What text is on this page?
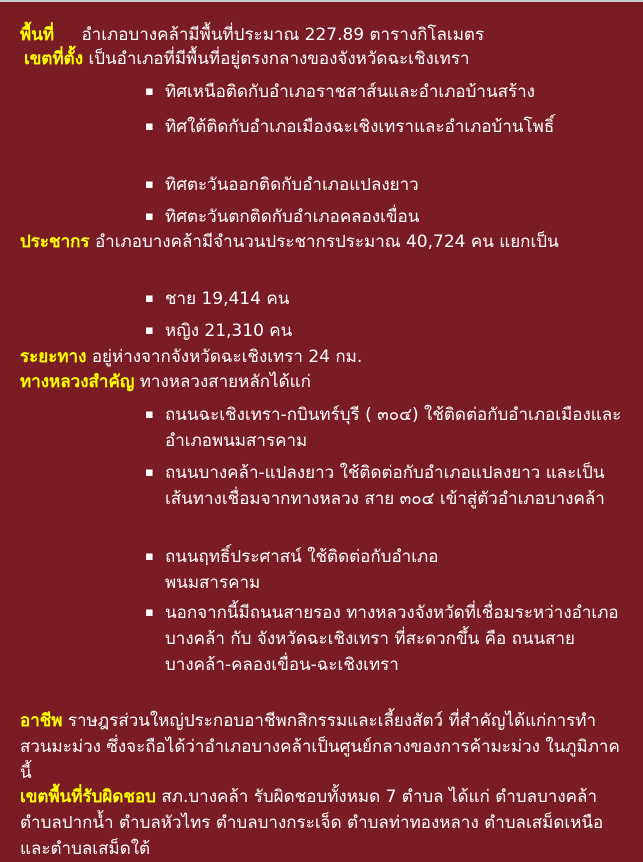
พื้นที่ อำเภอบางคล้ามีพื้นที่ประมาณ 227.89 ตารางกิโลเมตร
เขตที่ตั้ง เป็นอำเภอที่มีพื้นที่อยู่ตรงกลางของจังหวัดฉะเชิงเทรา
▪ ทิศเหนือติดกับอำเภอราชสาส์นและอำเภอบ้านสร้าง
▪ ทิศใต้ติดกับอำเภอเมืองฉะเชิงเทราและอำเภอบ้านโพธิ์
▪ ทิศตะวันออกติดกับอำเภอแปลงยาว
▪ ทิศตะวันตกติดกับอำเภอคลองเขื่อน
ประชากร อำเภอบางคล้ามีจำนวนประชากรประมาณ 40,724 คน แยกเป็น
▪ ชาย 19,414 คน
▪ หญิง 21,310 คน
ระยะทาง อยู่ห่างจากจังหวัดฉะเชิงเทรา 24 กม.
ทางหลวงสำคัญ ทางหลวงสายหลักได้แก่
▪ ถนนฉะเชิงเทรา-กบินทร์บุรี ( ๓๐๔) ใช้ติดต่อกับอำเภอเมืองและอำเภอพนมสารคาม
▪ ถนนบางคล้า-แปลงยาว ใช้ติดต่อกับอำเภอแปลงยาว และเป็นเส้นทางเชื่อมจากทางหลวง สาย ๓๐๔ เข้าสู่ตัวอำเภอบางคล้า
▪ ถนนฤทธิ์ประศาสน์ ใช้ติดต่อกับอำเภอพนมสารคาม
▪ นอกจากนี้มีถนนสายรอง ทางหลวงจังหวัดที่เชื่อมระหว่างอำเภอบางคล้า กับ จังหวัดฉะเชิงเทรา ที่สะดวกขึ้น คือ ถนนสาย บางคล้า-คลองเขื่อน-ฉะเชิงเทรา
อาชีพ ราษฎรส่วนใหญ่ประกอบอาชีพกสิกรรมและเลี้ยงสัตว์ ที่สำคัญได้แก่การทำสวนมะม่วง ซึ่งจะถือได้ว่าอำเภอบางคล้าเป็นศูนย์กลางของการค้ามะม่วง ในภูมิภาคนี้
เขตพื้นที่รับผิดชอบ สภ.บางคล้า รับผิดชอบทั้งหมด 7 ตำบล ได้แก่ ตำบลบางคล้า ตำบลปากน้ำ ตำบลหัวไทร ตำบลบางกระเจ็ด ตำบลท่าทองหลาง ตำบลเสม็ดเหนือ และตำบลเสม็ดใต้
